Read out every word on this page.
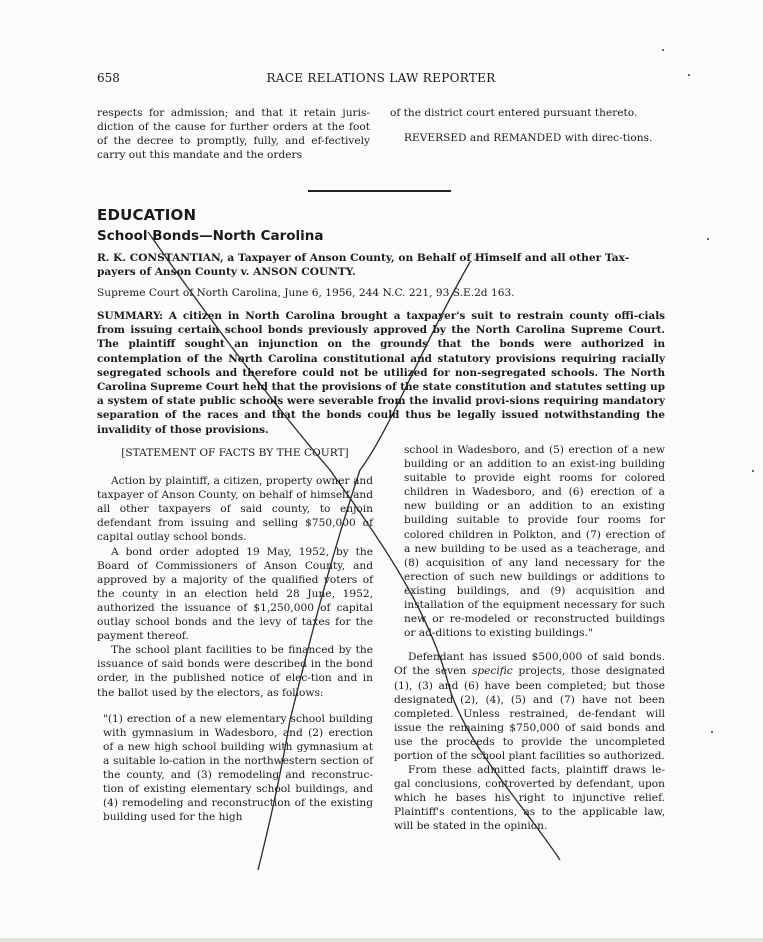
658	RACE RELATIONS LAW REPORTER

respects for admission; and that it retain juris-diction of the cause for further orders at the foot of the decree to promptly, fully, and ef-fectively carry out this mandate and the orders

of the district court entered pursuant thereto.

REVERSED and REMANDED with direc-tions.

EDUCATION
School Bonds—North Carolina
R. K. CONSTANTIAN, a Taxpayer of Anson County, on Behalf of Himself and all other Tax-payers of Anson County v. ANSON COUNTY.
Supreme Court of North Carolina, June 6, 1956, 244 N.C. 221, 93 S.E.2d 163.
SUMMARY: A citizen in North Carolina brought a taxpayer's suit to restrain county offi-cials from issuing certain school bonds previously approved by the North Carolina Supreme Court. The plaintiff sought an injunction on the grounds that the bonds were authorized in contemplation of the North Carolina constitutional and statutory provisions requiring racially segregated schools and therefore could not be utilized for non-segregated schools. The North Carolina Supreme Court held that the provisions of the state constitution and statutes setting up a system of state public schools were severable from the invalid provi-sions requiring mandatory separation of the races and that the bonds could thus be legally issued notwithstanding the invalidity of those provisions.

[STATEMENT OF FACTS BY THE COURT]

Action by plaintiff, a citizen, property owner and taxpayer of Anson County, on behalf of himself and all other taxpayers of said county, to enjoin defendant from issuing and selling $750,000 of capital outlay school bonds.

A bond order adopted 19 May, 1952, by the Board of Commissioners of Anson County, and approved by a majority of the qualified voters of the county in an election held 28 June, 1952, authorized the issuance of $1,250,000 of capital outlay school bonds and the levy of taxes for the payment thereof.

The school plant facilities to be financed by the issuance of said bonds were described in the bond order, in the published notice of elec-tion and in the ballot used by the electors, as follows:

"(1) erection of a new elementary school building with gymnasium in Wadesboro, and (2) erection of a new high school building with gymnasium at a suitable lo-cation in the northwestern section of the county, and (3) remodeling and reconstruc-tion of existing elementary school buildings, and (4) remodeling and reconstruction of the existing building used for the high

school in Wadesboro, and (5) erection of a new building or an addition to an exist-ing building suitable to provide eight rooms for colored children in Wadesboro, and (6) erection of a new building or an addition to an existing building suitable to provide four rooms for colored children in Polkton, and (7) erection of a new building to be used as a teacherage, and (8) acquisition of any land necessary for the erection of such new buildings or additions to existing buildings, and (9) acquisition and installation of the equipment necessary for such new or re-modeled or reconstructed buildings or ad-ditions to existing buildings."

Defendant has issued $500,000 of said bonds. Of the seven specific projects, those designated (1), (3) and (6) have been completed; but those designated (2), (4), (5) and (7) have not been completed. Unless restrained, de-fendant will issue the remaining $750,000 of said bonds and use the proceeds to provide the uncompleted portion of the school plant facilities so authorized.

From these admitted facts, plaintiff draws le-gal conclusions, controverted by defendant, upon which he bases his right to injunctive relief. Plaintiff's contentions, as to the applicable law, will be stated in the opinion.
